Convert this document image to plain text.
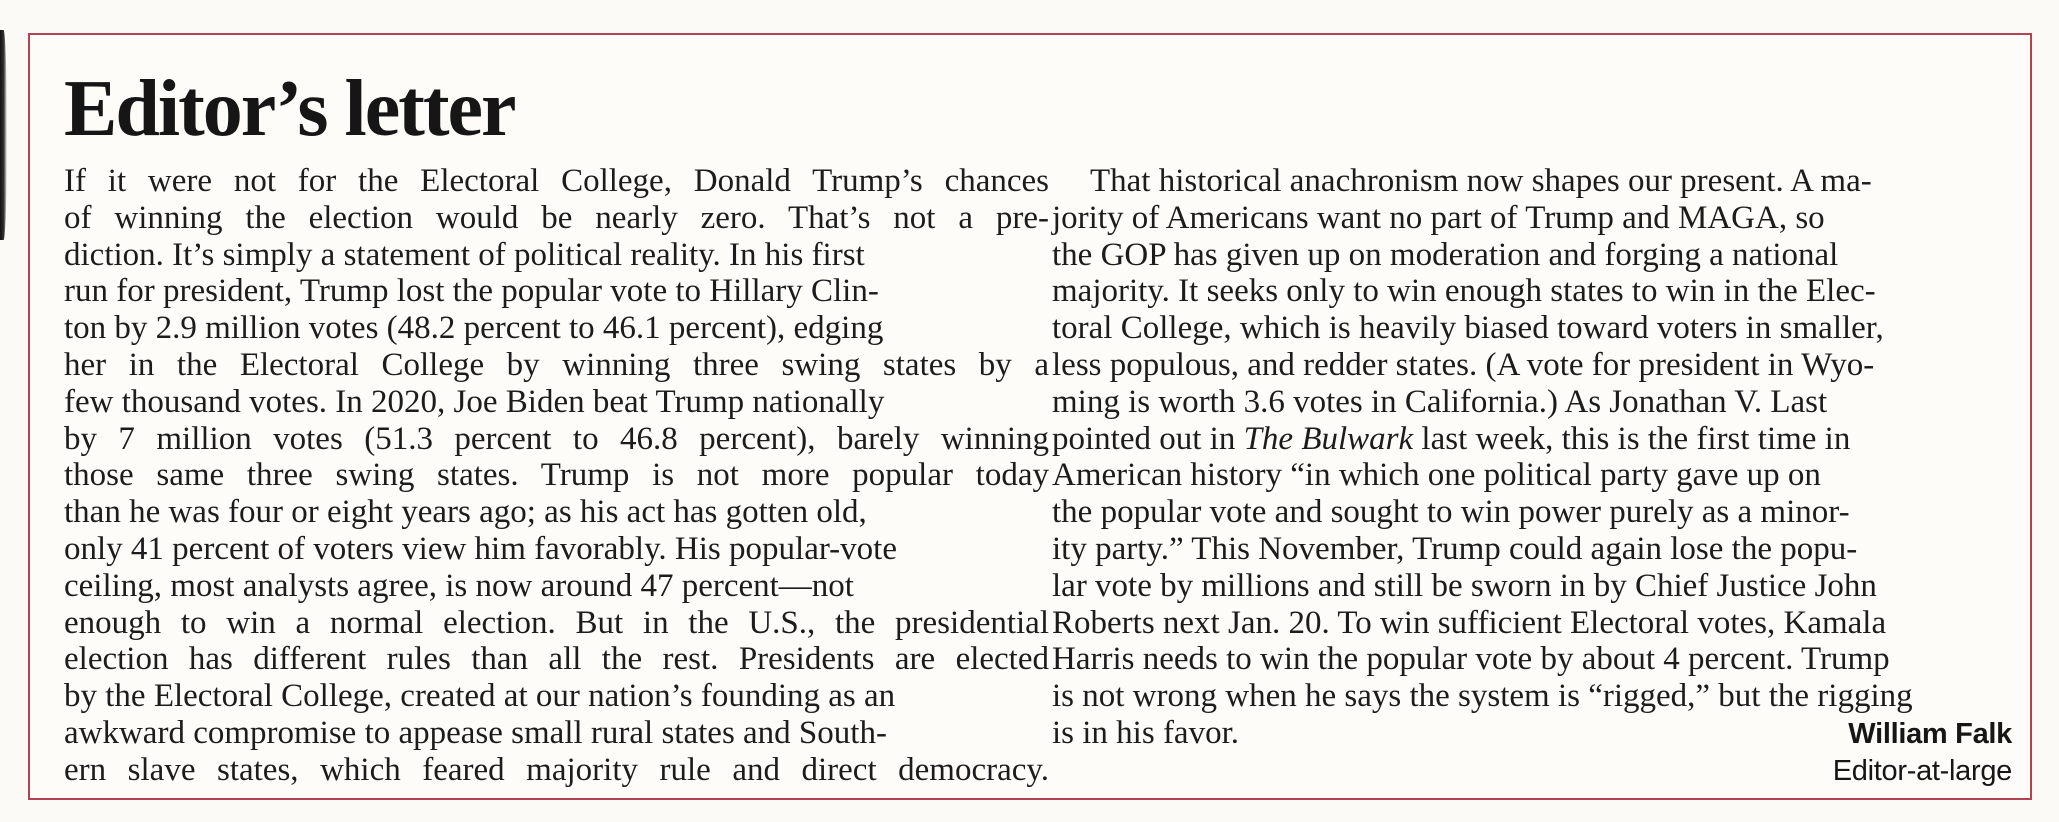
Editor’s letter
If it were not for the Electoral College, Donald Trump’s chances
of winning the election would be nearly zero. That’s not a pre-
diction. It’s simply a statement of political reality. In his first
run for president, Trump lost the popular vote to Hillary Clin-
ton by 2.9 million votes (48.2 percent to 46.1 percent), edging
her in the Electoral College by winning three swing states by a
few thousand votes. In 2020, Joe Biden beat Trump nationally
by 7 million votes (51.3 percent to 46.8 percent), barely winning
those same three swing states. Trump is not more popular today
than he was four or eight years ago; as his act has gotten old,
only 41 percent of voters view him favorably. His popular-vote
ceiling, most analysts agree, is now around 47 percent—not
enough to win a normal election. But in the U.S., the presidential
election has different rules than all the rest. Presidents are elected
by the Electoral College, created at our nation’s founding as an
awkward compromise to appease small rural states and South-
ern slave states, which feared majority rule and direct democracy.
That historical anachronism now shapes our present. A ma-
jority of Americans want no part of Trump and MAGA, so
the GOP has given up on moderation and forging a national
majority. It seeks only to win enough states to win in the Elec-
toral College, which is heavily biased toward voters in smaller,
less populous, and redder states. (A vote for president in Wyo-
ming is worth 3.6 votes in California.) As Jonathan V. Last
pointed out in The Bulwark last week, this is the first time in
American history “in which one political party gave up on
the popular vote and sought to win power purely as a minor-
ity party.” This November, Trump could again lose the popu-
lar vote by millions and still be sworn in by Chief Justice John
Roberts next Jan. 20. To win sufficient Electoral votes, Kamala
Harris needs to win the popular vote by about 4 percent. Trump
is not wrong when he says the system is “rigged,” but the rigging
is in his favor.	William Falk
Editor-at-large
